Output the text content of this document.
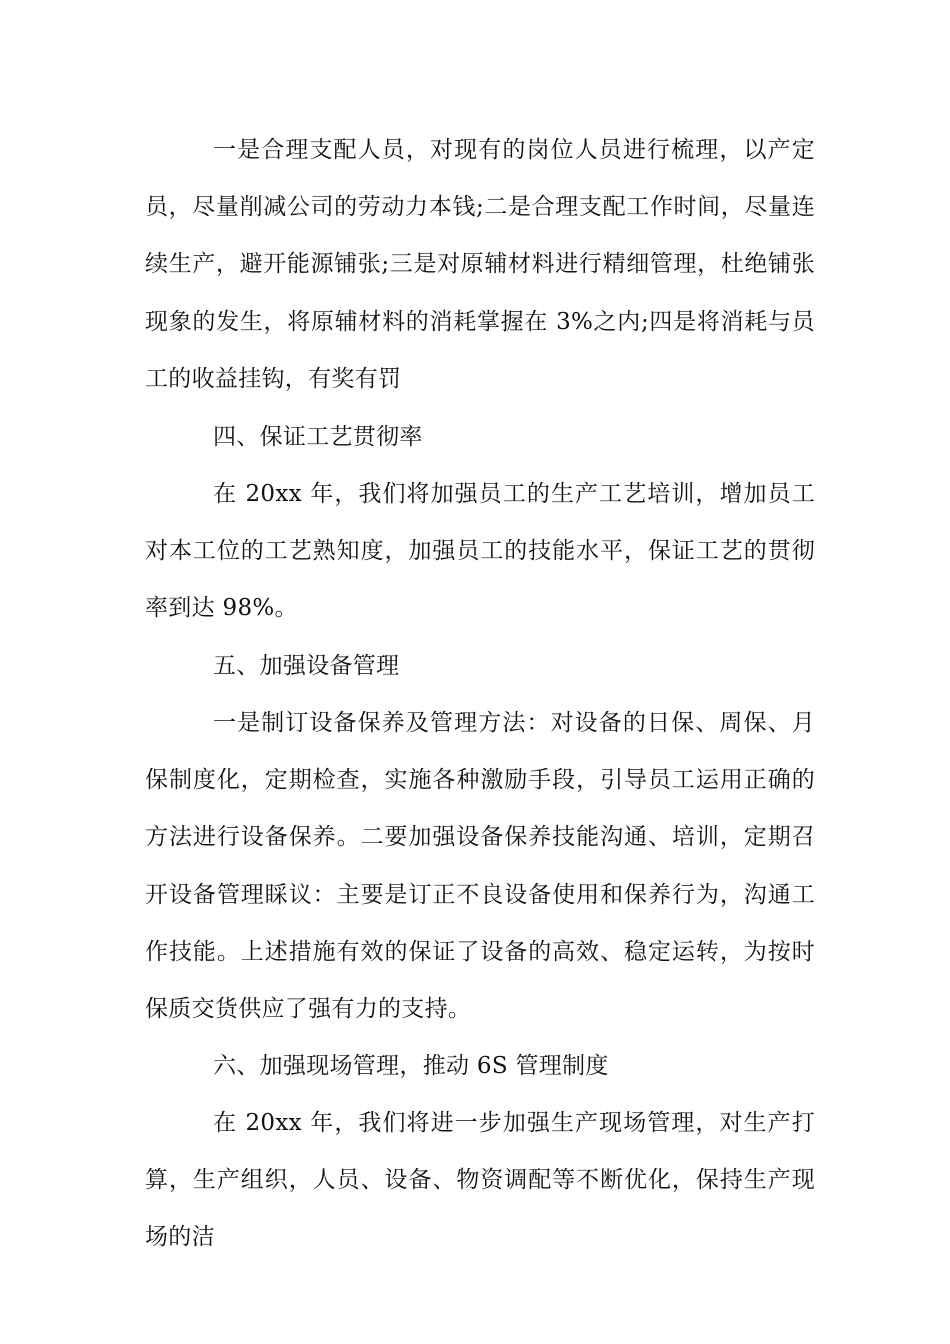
一是合理支配人员，对现有的岗位人员进行梳理，以产定员，尽量削减公司的劳动力本钱;二是合理支配工作时间，尽量连续生产，避开能源铺张;三是对原辅材料进行精细管理，杜绝铺张现象的发生，将原辅材料的消耗掌握在 3%之内;四是将消耗与员工的收益挂钩，有奖有罚

四、保证工艺贯彻率

在 20xx 年，我们将加强员工的生产工艺培训，增加员工对本工位的工艺熟知度，加强员工的技能水平，保证工艺的贯彻率到达 98%。

五、加强设备管理

一是制订设备保养及管理方法：对设备的日保、周保、月保制度化，定期检查，实施各种激励手段，引导员工运用正确的方法进行设备保养。二要加强设备保养技能沟通、培训，定期召开设备管理睬议：主要是订正不良设备使用和保养行为，沟通工作技能。上述措施有效的保证了设备的高效、稳定运转，为按时保质交货供应了强有力的支持。

六、加强现场管理，推动 6S 管理制度

在 20xx 年，我们将进一步加强生产现场管理，对生产打算，生产组织，人员、设备、物资调配等不断优化，保持生产现场的洁
